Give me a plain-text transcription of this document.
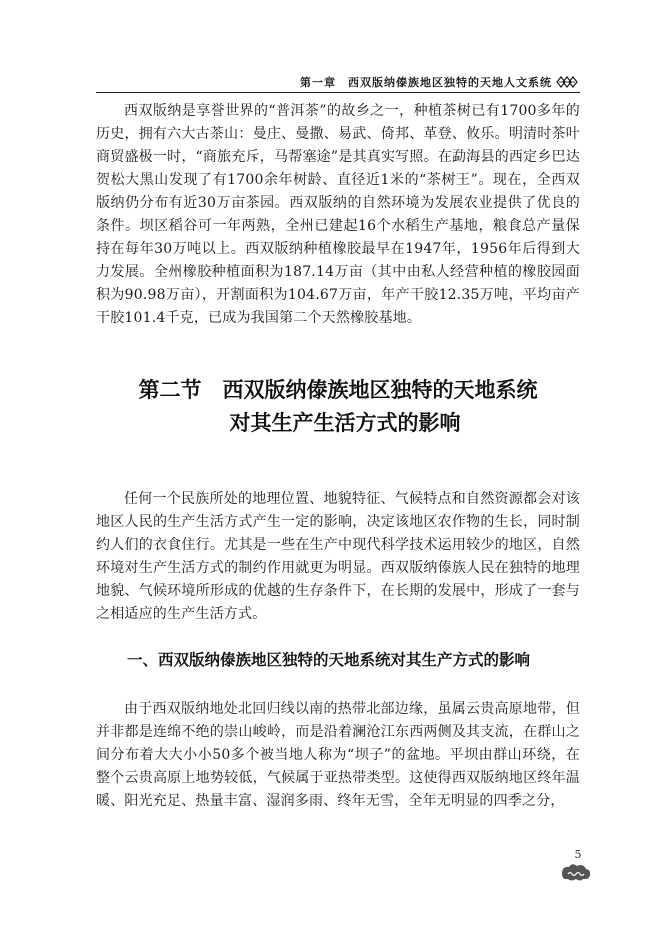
第一章　西双版纳傣族地区独特的天地人文系统

西双版纳是享誉世界的“普洱茶”的故乡之一，种植茶树已有1700多年的历史，拥有六大古茶山：曼庄、曼撒、易武、倚邦、革登、攸乐。明清时茶叶商贸盛极一时，“商旅充斥，马帮塞途”是其真实写照。在勐海县的西定乡巴达贺松大黑山发现了有1700余年树龄、直径近1米的“茶树王”。现在，全西双版纳仍分布有近30万亩茶园。西双版纳的自然环境为发展农业提供了优良的条件。坝区稻谷可一年两熟，全州已建起16个水稻生产基地，粮食总产量保持在每年30万吨以上。西双版纳种植橡胶最早在1947年，1956年后得到大力发展。全州橡胶种植面积为187.14万亩（其中由私人经营种植的橡胶园面积为90.98万亩），开割面积为104.67万亩，年产干胶12.35万吨，平均亩产干胶101.4千克，已成为我国第二个天然橡胶基地。

第二节　西双版纳傣族地区独特的天地系统
对其生产生活方式的影响

任何一个民族所处的地理位置、地貌特征、气候特点和自然资源都会对该地区人民的生产生活方式产生一定的影响，决定该地区农作物的生长，同时制约人们的衣食住行。尤其是一些在生产中现代科学技术运用较少的地区，自然环境对生产生活方式的制约作用就更为明显。西双版纳傣族人民在独特的地理地貌、气候环境所形成的优越的生存条件下，在长期的发展中，形成了一套与之相适应的生产生活方式。

一、西双版纳傣族地区独特的天地系统对其生产方式的影响

由于西双版纳地处北回归线以南的热带北部边缘，虽属云贵高原地带，但并非都是连绵不绝的崇山峻岭，而是沿着澜沧江东西两侧及其支流，在群山之间分布着大大小小50多个被当地人称为“坝子”的盆地。平坝由群山环绕，在整个云贵高原上地势较低，气候属于亚热带类型。这使得西双版纳地区终年温暖、阳光充足、热量丰富、湿润多雨、终年无雪，全年无明显的四季之分，

5
